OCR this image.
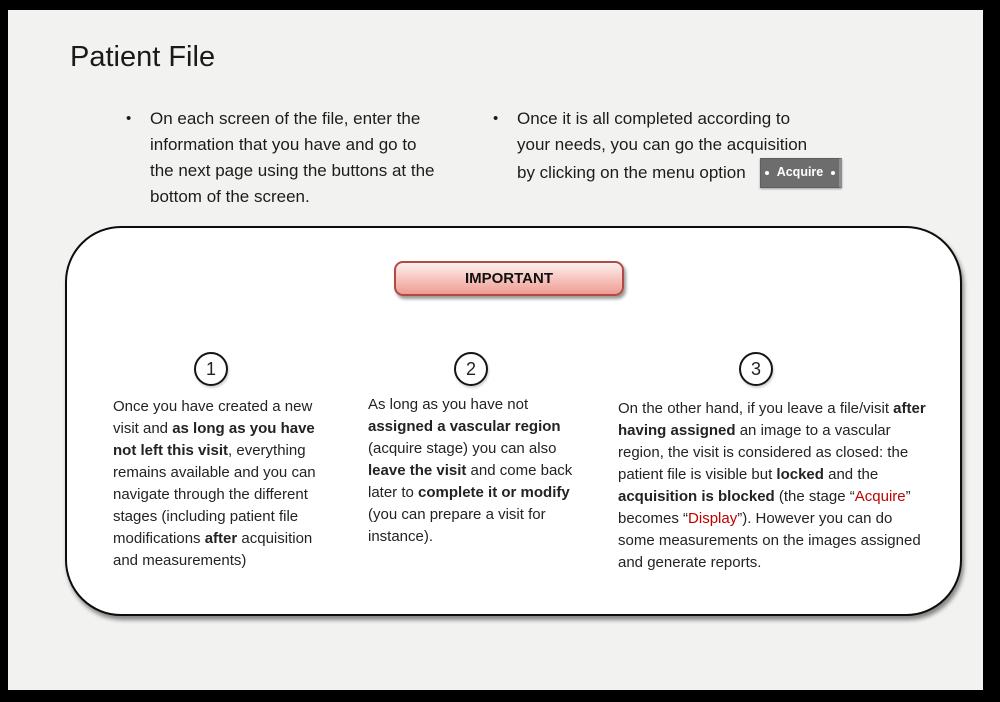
Patient File
• On each screen of the file, enter the
information that you have and go to
the next page using the buttons at the
bottom of the screen.
• Once it is all completed according to
your needs, you can go the acquisition
by clicking on the menu option	Acquire
IMPORTANT
1	2	3
Once you have created a new visit and as long as you have not left this visit, everything remains available and you can navigate through the different stages (including patient file modifications after acquisition and measurements)
As long as you have not assigned a vascular region (acquire stage) you can also leave the visit and come back later to complete it or modify (you can prepare a visit for instance).
On the other hand, if you leave a file/visit after having assigned an image to a vascular region, the visit is considered as closed: the patient file is visible but locked and the acquisition is blocked (the stage “Acquire” becomes “Display”). However you can do some measurements on the images assigned and generate reports.
